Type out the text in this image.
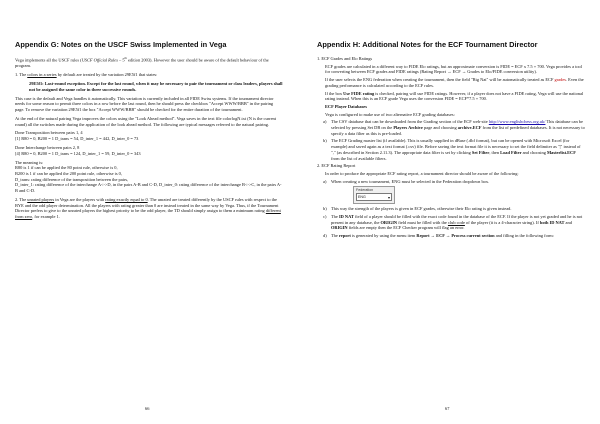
Appendix G: Notes on the USCF Swiss Implemented in Vega

Vega implements all the USCF rules (USCF Official Rules – 5th edition 2003). However the user should be aware of the default behaviour of the program.

1. The colors in a series by default are treated by the variation 29E5f1 that states:

29E5f1: Last-round exception. Except for the last round, when it may be necessary to pair the tournament or class leaders, players shall not be assigned the same color in three successive rounds.

This case is the default and Vega handles it automatically. This variation is currently included in all FIDE Swiss systems. If the tournament director needs for some reason to permit three colors in a row before the last round, then he should press the checkbox "Accept WWW/BBB" in the pairing page. To remove the variation 29E5f1 the box "Accept WWW/BBB" should be checked for the entire duration of the tournament.

At the end of the natural pairing Vega improves the colors using the "Look Ahead method". Vega saves in the text file colorlogN.txt (N is the current round) all the switches made during the application of the look ahead method. The following are typical messages referred to the natural pairing.

Done Transposition between pairs 1, 4

[1] R80 = 0, B200 = 1 D_trans = 54, D_inter_1 = 442, D_inter_0 = 73

Done Interchange between pairs 2, 8

[4] R80 = 0, B200 = 1 D_trans = 124, D_inter_1 = 59, D_inter_0 = 343

The meaning is:

R80 is 1 if can be applied the 80 point rule, otherwise is 0,

B200 is 1 if can be applied the 200 point rule, otherwise is 0,

D_trans: rating difference of the transposition between the pairs,

D_inter_1: rating difference of the interchange A<->D, in the pairs A-B and C-D, D_inter_0: rating difference of the interchange B<->C, in the pairs A-B and C-D.

2. The unrated players in Vega are the players with rating exactly equal to 0. The unrated are treated differently by the USCF rules with respect to the BYE and the odd player determination. All the players with rating greater than 0 are instead treated in the same way by Vega. Thus, if the Tournament Director prefers to give to the unrated players the highest priority to be the odd player, the TD should simply assign to them a minimum rating different from zero, for example 1.

66
Appendix H: Additional Notes for the ECF Tournament Director

1. ECF Grades and Elo Ratings

ECF grades are calculated in a different way to FIDE Elo ratings, but an approximate conversion is FIDE = ECF x 7.5 + 700. Vega provides a tool for converting between ECF grades and FIDE ratings (Rating Report → ECF → Grades to Elo/FIDE conversion utility).

If the user selects the ENG federation when creating the tournament, then the field "Rtg Nat" will be automatically treated as ECF grades. Even the grading performance is calculated according to the ECF rules.

If the box Use FIDE rating is checked, pairing will use FIDE ratings. However, if a player does not have a FIDE rating, Vega will use the national rating instead. When this is an ECF grade Vega uses the conversion FIDE = ECF*7.5 + 700.

ECF Player Databases

Vega is configured to make use of two alternative ECF grading databases:

a) The CSV database that can be downloaded from the Grading section of the ECF web-site http://www.englishchess.org.uk/ This database can be selected by pressing Set DB on the Players Archive page and choosing archive.ECF from the list of predefined databases. It is not necessary to specify a data filter as this is pre-loaded.

b) The ECF Grading master list (if available). This is usually supplied in dBase (.dbf format), but can be opened with Microsoft Excel (for example) and saved again as a text format (.csv) file. Before saving the text format file it is necessary to set the field delimiter as "|" instead of "," (as described in Section 2.11.3). The appropriate data filter is set by clicking Set Filter, then Load Filter and choosing Masterlist.ECF from the list of available filters.

2. ECF Rating Report

In order to produce the appropriate ECF rating report, a tournament director should be aware of the following:

a) When creating a new tournament, ENG must be selected in the Federation dropdown box.

Federation
ENG	▾

b) This way the strength of the players is given in ECF grades, otherwise their Elo rating is given instead.

c) The ID NAT field of a player should be filled with the exact code found in the database of the ECF. If the player is not yet graded and he is not present in any database, the ORIGIN field must be filled with the club code of the player (it is a 4-character string). If both ID NAT and ORIGIN fields are empty then the ECF Checker program will flag an error.

d) The report is generated by using the menu item Report → ECF → Process current section and filling in the following form:

67
